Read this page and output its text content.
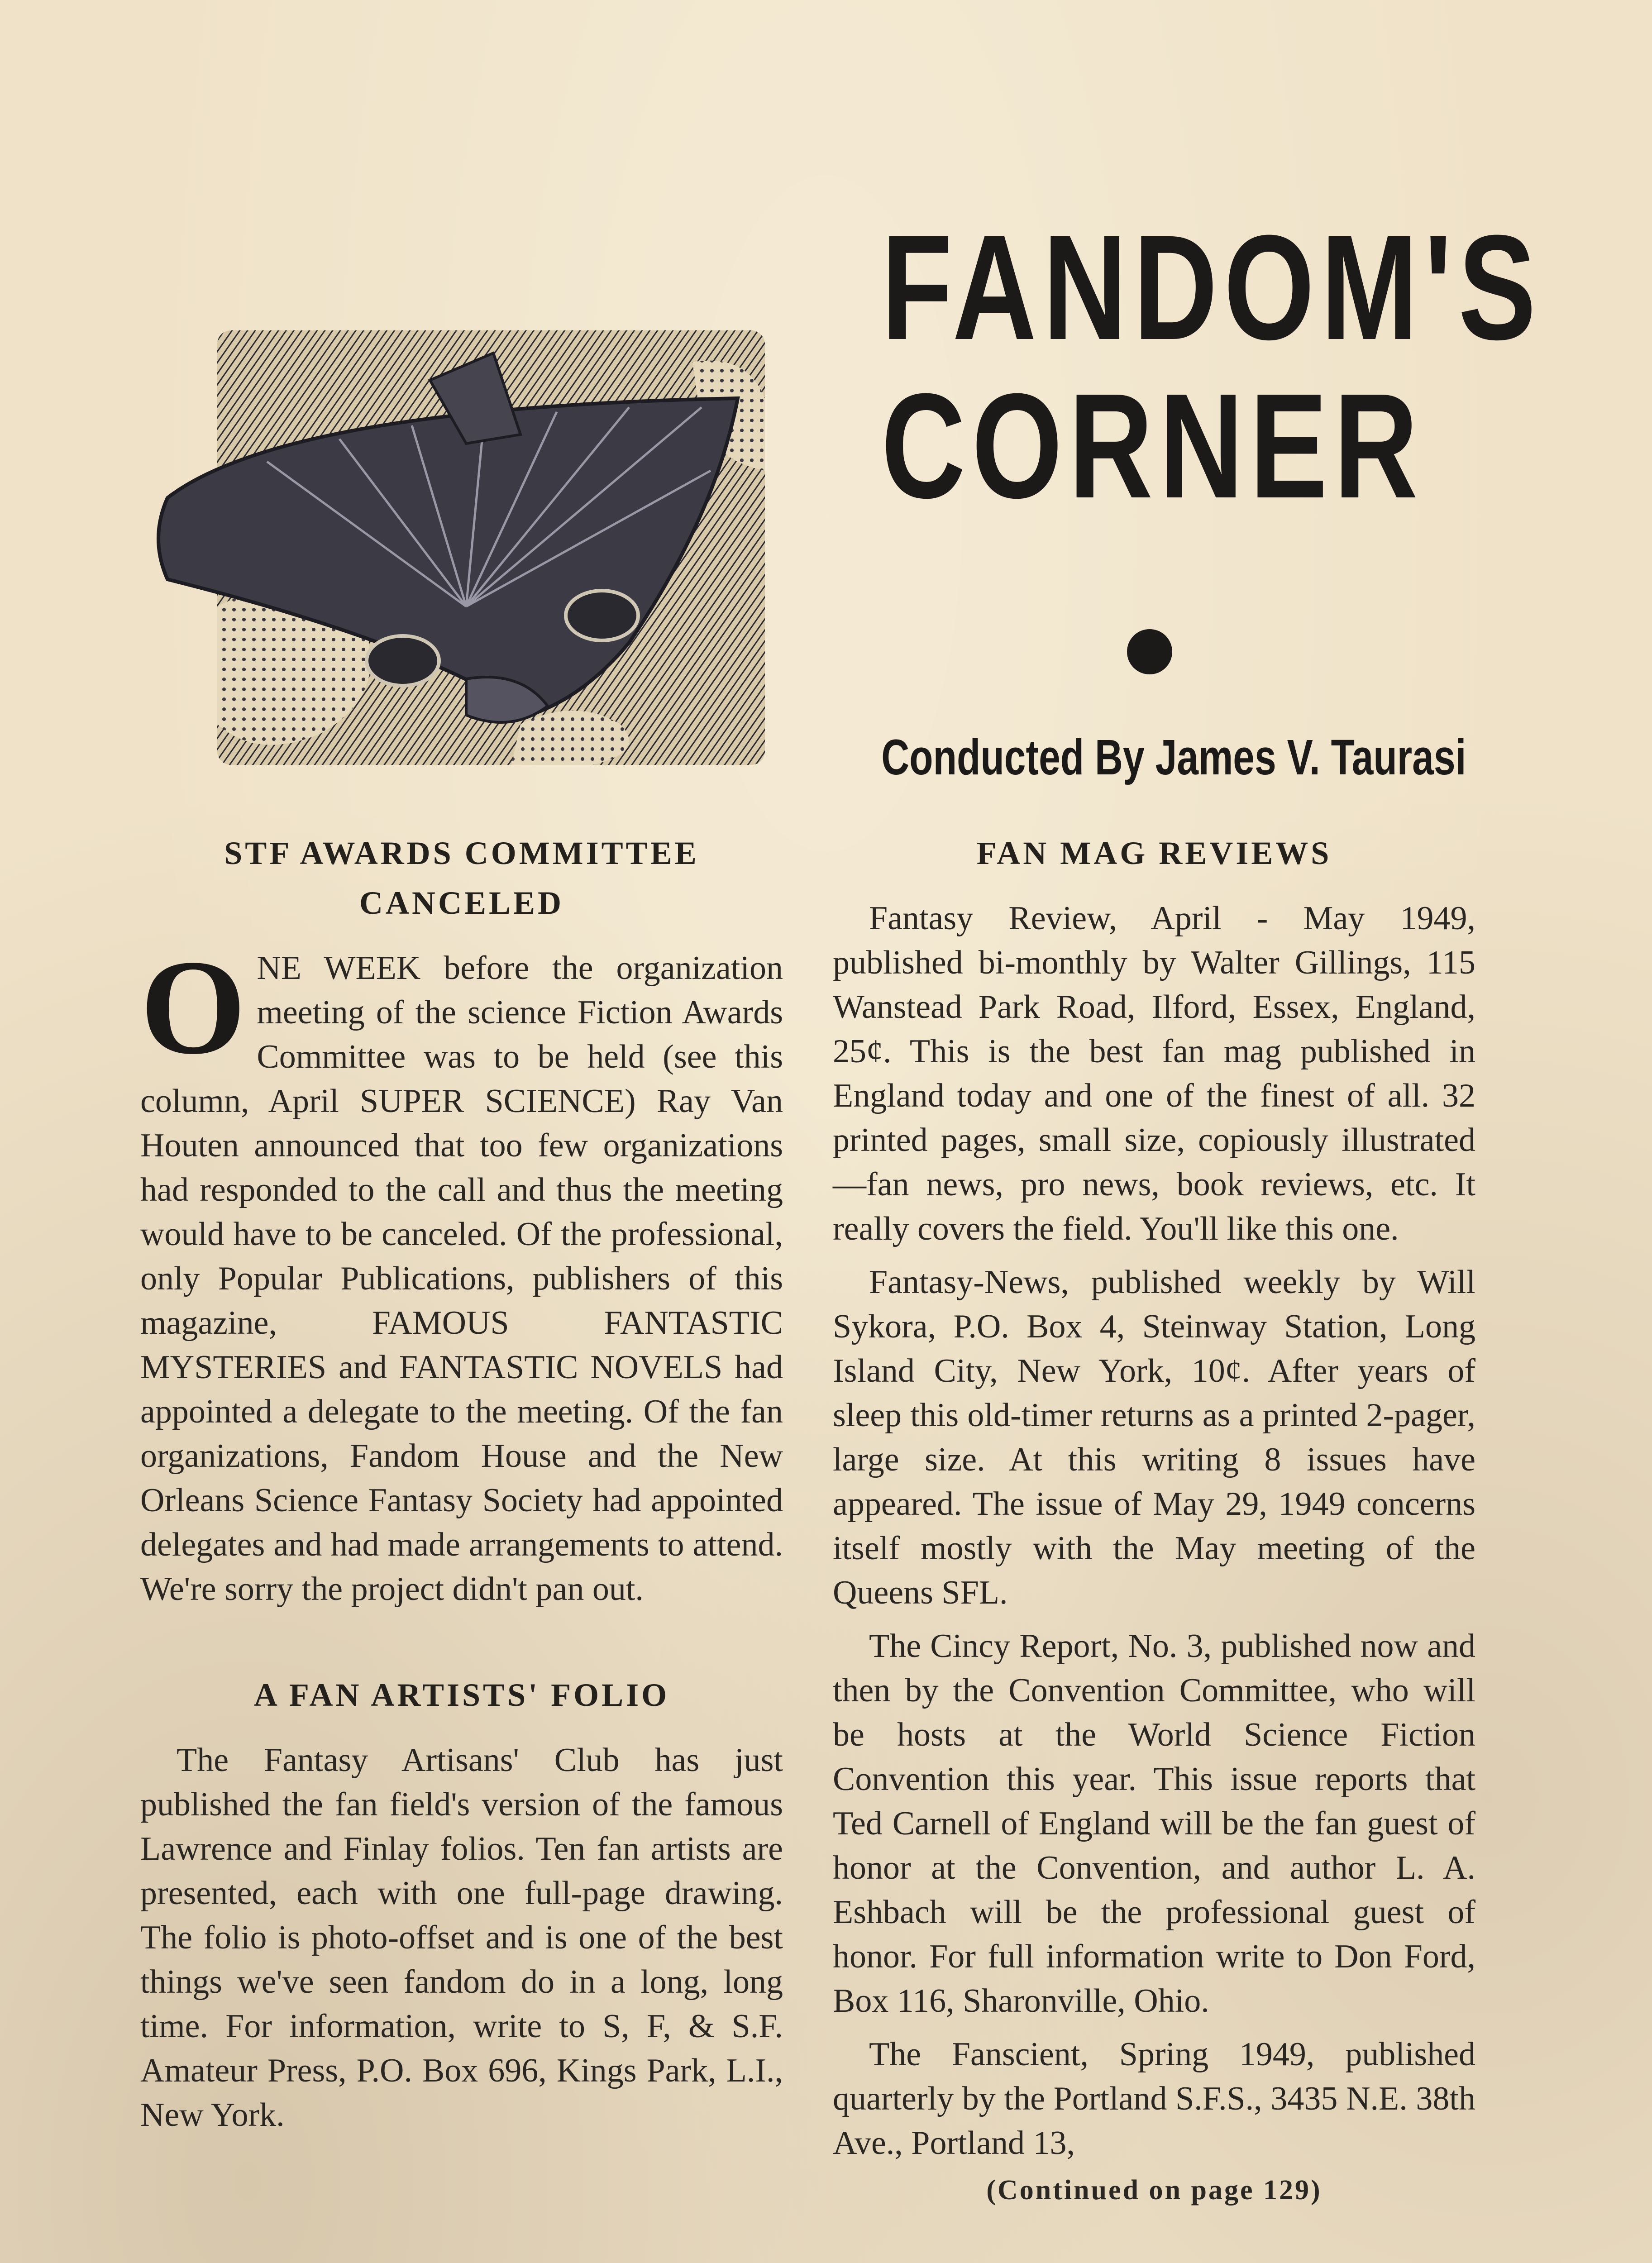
FANDOM'S
CORNER
Conducted By James V. Taurasi
STF AWARDS COMMITTEE
CANCELED

ONE WEEK before the organization meeting of the science Fiction Awards Committee was to be held (see this column, April SUPER SCIENCE) Ray Van Houten announced that too few organizations had responded to the call and thus the meeting would have to be canceled. Of the professional, only Popular Publications, publishers of this magazine, FAMOUS FANTASTIC MYSTERIES and FANTASTIC NOVELS had appointed a delegate to the meeting. Of the fan organizations, Fandom House and the New Orleans Science Fantasy Society had appointed delegates and had made arrangements to attend. We're sorry the project didn't pan out.

A FAN ARTISTS' FOLIO

The Fantasy Artisans' Club has just published the fan field's version of the famous Lawrence and Finlay folios. Ten fan artists are presented, each with one full-page drawing. The folio is photo-offset and is one of the best things we've seen fandom do in a long, long time. For information, write to S, F, & S.F. Amateur Press, P.O. Box 696, Kings Park, L.I., New York.

FAN MAG REVIEWS

Fantasy Review, April - May 1949, published bi-monthly by Walter Gillings, 115 Wanstead Park Road, Ilford, Essex, England, 25¢. This is the best fan mag published in England today and one of the finest of all. 32 printed pages, small size, copiously illustrated —fan news, pro news, book reviews, etc. It really covers the field. You'll like this one.

Fantasy-News, published weekly by Will Sykora, P.O. Box 4, Steinway Station, Long Island City, New York, 10¢. After years of sleep this old-timer returns as a printed 2-pager, large size. At this writing 8 issues have appeared. The issue of May 29, 1949 concerns itself mostly with the May meeting of the Queens SFL.

The Cincy Report, No. 3, published now and then by the Convention Committee, who will be hosts at the World Science Fiction Convention this year. This issue reports that Ted Carnell of England will be the fan guest of honor at the Convention, and author L. A. Eshbach will be the professional guest of honor. For full information write to Don Ford, Box 116, Sharonville, Ohio.

The Fanscient, Spring 1949, published quarterly by the Portland S.F.S., 3435 N.E. 38th Ave., Portland 13,

(Continued on page 129)
